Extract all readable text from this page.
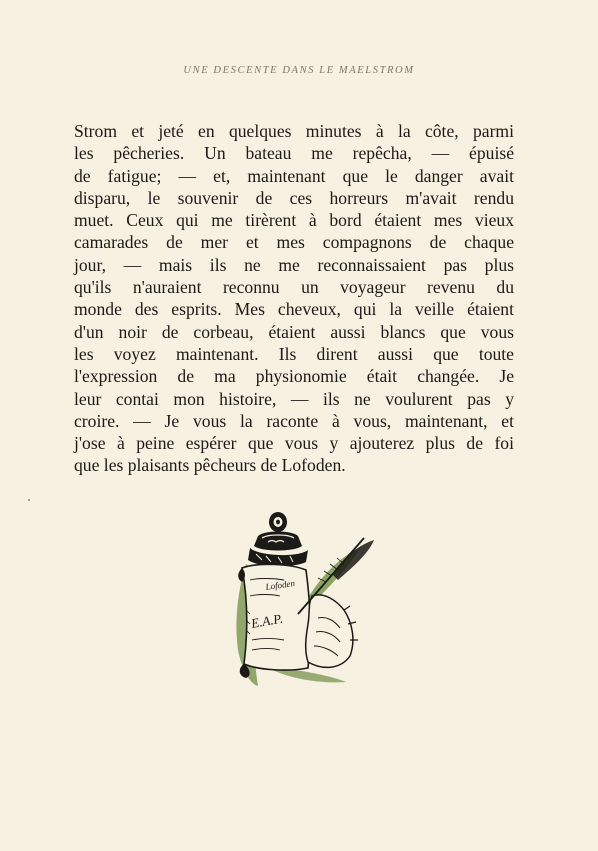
UNE DESCENTE DANS LE MAELSTROM
Strom et jeté en quelques minutes à la côte, parmi
les pêcheries. Un bateau me repêcha, — épuisé
de fatigue; — et, maintenant que le danger avait
disparu, le souvenir de ces horreurs m'avait rendu
muet. Ceux qui me tirèrent à bord étaient mes vieux
camarades de mer et mes compagnons de chaque
jour, — mais ils ne me reconnaissaient pas plus
qu'ils n'auraient reconnu un voyageur revenu du
monde des esprits. Mes cheveux, qui la veille étaient
d'un noir de corbeau, étaient aussi blancs que vous
les voyez maintenant. Ils dirent aussi que toute
l'expression de ma physionomie était changée. Je
leur contai mon histoire, — ils ne voulurent pas y
croire. — Je vous la raconte à vous, maintenant, et
j'ose à peine espérer que vous y ajouterez plus de foi
que les plaisants pêcheurs de Lofoden.
Lofoden
E.A.P.
